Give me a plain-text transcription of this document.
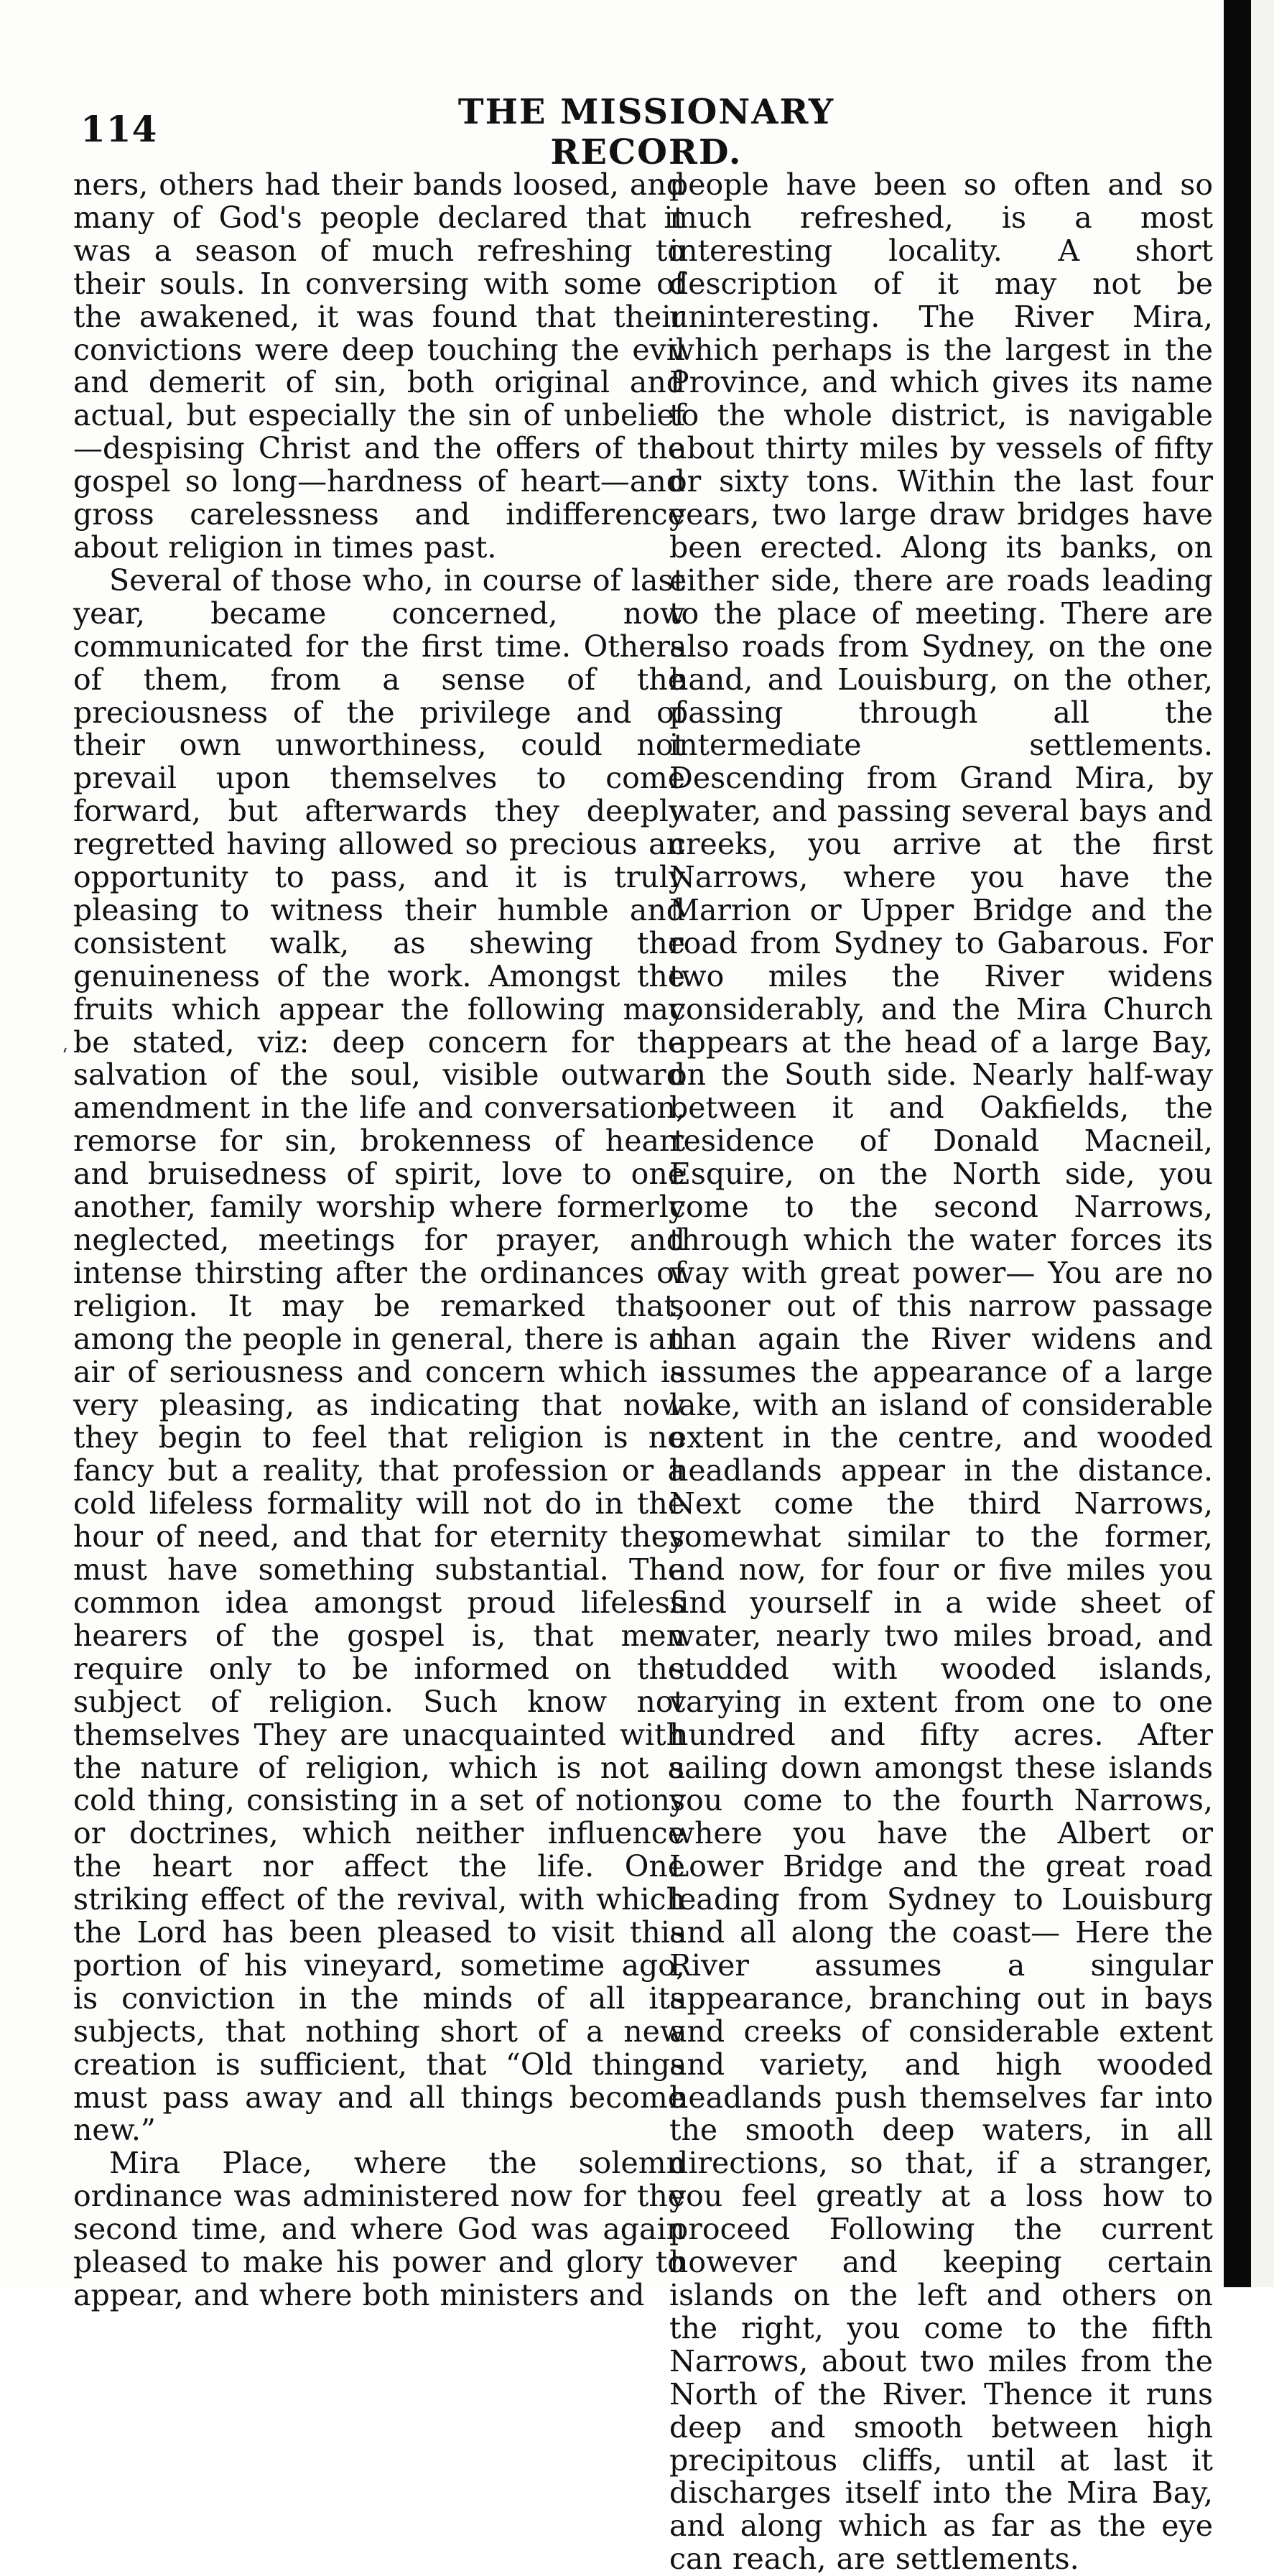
114	THE MISSIONARY RECORD.

ners, others had their bands loosed, and many of God's people declared that it was a season of much refreshing to their souls. In conversing with some of the awakened, it was found that their convictions were deep touching the evil and demerit of sin, both original and actual, but especially the sin of unbelief—despising Christ and the offers of the gospel so long—hardness of heart—and gross carelessness and indifference about religion in times past.

Several of those who, in course of last year, became concerned, now communicated for the first time. Others of them, from a sense of the preciousness of the privilege and of their own unworthiness, could not prevail upon themselves to come forward, but afterwards they deeply regretted having allowed so precious an opportunity to pass, and it is truly pleasing to witness their humble and consistent walk, as shewing the genuineness of the work. Amongst the fruits which appear the following may be stated, viz: deep concern for the salvation of the soul, visible outward amendment in the life and conversation, remorse for sin, brokenness of heart and bruisedness of spirit, love to one another, family worship where formerly neglected, meetings for prayer, and intense thirsting after the ordinances of religion. It may be remarked that, among the people in general, there is an air of seriousness and concern which is very pleasing, as indicating that now they begin to feel that religion is no fancy but a reality, that profession or a cold lifeless formality will not do in the hour of need, and that for eternity they must have something substantial. The common idea amongst proud lifeless hearers of the gospel is, that men require only to be informed on the subject of religion. Such know not themselves They are unacquainted with the nature of religion, which is not a cold thing, consisting in a set of notions or doctrines, which neither influence the heart nor affect the life. One striking effect of the revival, with which the Lord has been pleased to visit this portion of his vineyard, sometime ago, is conviction in the minds of all its subjects, that nothing short of a new creation is sufficient, that “Old things must pass away and all things become new.”

Mira Place, where the solemn ordinance was administered now for the second time, and where God was again pleased to make his power and glory to appear, and where both ministers and

people have been so often and so much refreshed, is a most interesting locality. A short description of it may not be uninteresting. The River Mira, which perhaps is the largest in the Province, and which gives its name to the whole district, is navigable about thirty miles by vessels of fifty or sixty tons. Within the last four years, two large draw bridges have been erected. Along its banks, on either side, there are roads leading to the place of meeting. There are also roads from Sydney, on the one hand, and Louisburg, on the other, passing through all the intermediate settlements. Descending from Grand Mira, by water, and passing several bays and creeks, you arrive at the first Narrows, where you have the Marrion or Upper Bridge and the road from Sydney to Gabarous. For two miles the River widens considerably, and the Mira Church appears at the head of a large Bay, on the South side. Nearly half-way between it and Oakfields, the residence of Donald Macneil, Esquire, on the North side, you come to the second Narrows, through which the water forces its way with great power— You are no sooner out of this narrow passage than again the River widens and assumes the appearance of a large lake, with an island of considerable extent in the centre, and wooded headlands appear in the distance. Next come the third Narrows, somewhat similar to the former, and now, for four or five miles you find yourself in a wide sheet of water, nearly two miles broad, and studded with wooded islands, varying in extent from one to one hundred and fifty acres. After sailing down amongst these islands you come to the fourth Narrows, where you have the Albert or Lower Bridge and the great road leading from Sydney to Louisburg and all along the coast— Here the River assumes a singular appearance, branching out in bays and creeks of considerable extent and variety, and high wooded headlands push themselves far into the smooth deep waters, in all directions, so that, if a stranger, you feel greatly at a loss how to proceed Following the current however and keeping certain islands on the left and others on the right, you come to the fifth Narrows, about two miles from the North of the River. Thence it runs deep and smooth between high precipitous cliffs, until at last it discharges itself into the Mira Bay, and along which as far as the eye can reach, are settlements.

‘
